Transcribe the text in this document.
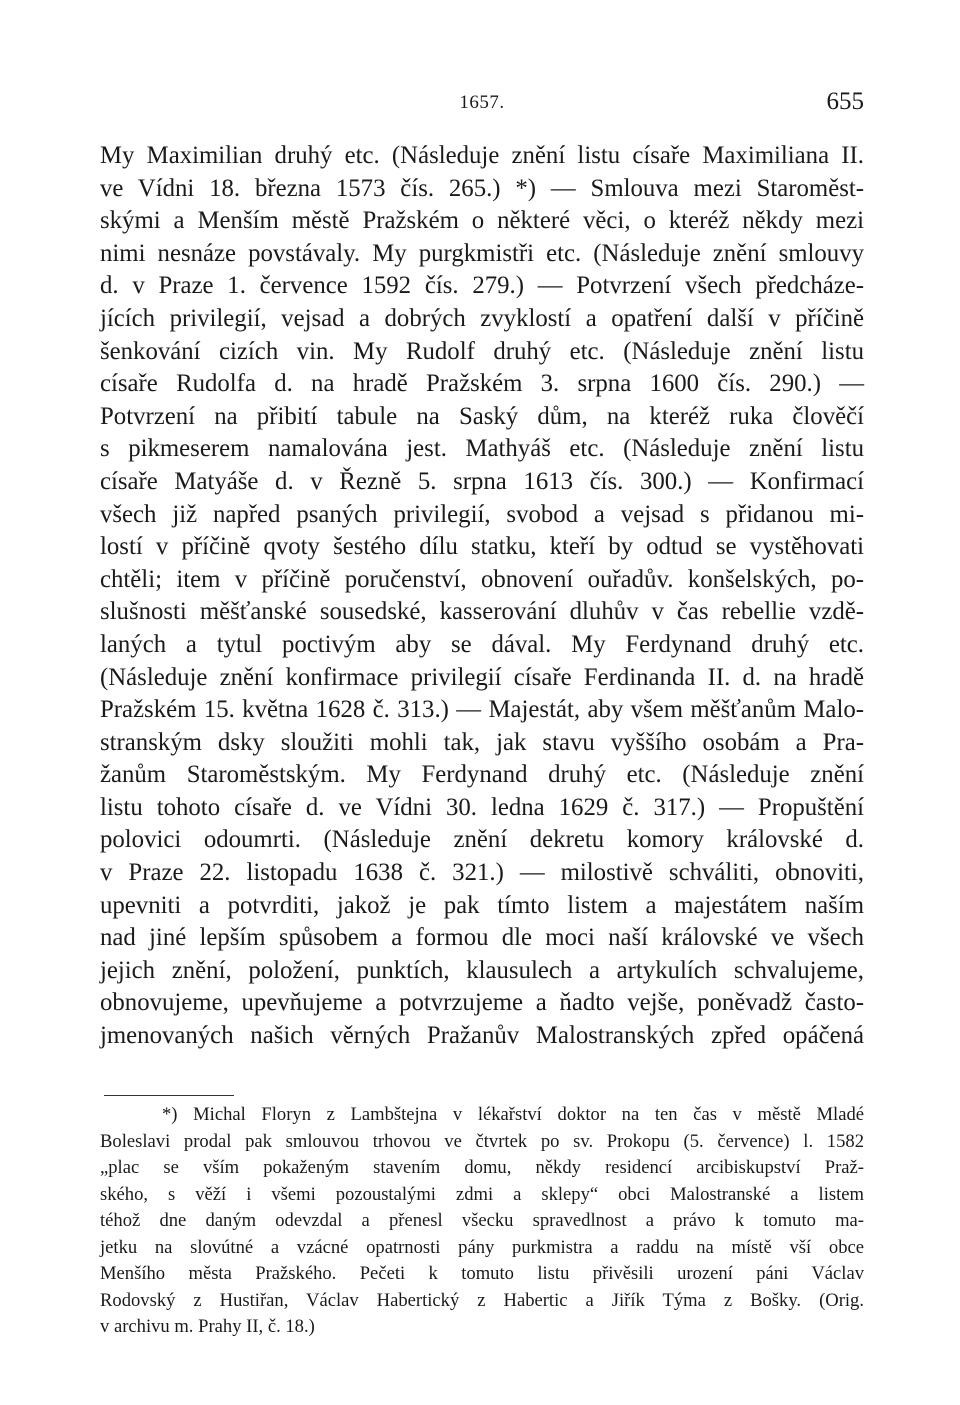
1657.	655
My Maximilian druhý etc. (Následuje znění listu císaře Maximiliana II.
ve Vídni 18. března 1573 čís. 265.) *) — Smlouva mezi Staroměst-
skými a Menším městě Pražském o některé věci, o kteréž někdy mezi
nimi nesnáze povstávaly. My purgkmistři etc. (Následuje znění smlouvy
d. v Praze 1. července 1592 čís. 279.) — Potvrzení všech předcháze-
jících privilegií, vejsad a dobrých zvyklostí a opatření další v příčině
šenkování cizích vin. My Rudolf druhý etc. (Následuje znění listu
císaře Rudolfa d. na hradě Pražském 3. srpna 1600 čís. 290.) —
Potvrzení na přibití tabule na Saský dům, na kteréž ruka člověčí
s pikmeserem namalována jest. Mathyáš etc. (Následuje znění listu
císaře Matyáše d. v Řezně 5. srpna 1613 čís. 300.) — Konfirmací
všech již napřed psaných privilegií, svobod a vejsad s přidanou mi-
lostí v příčině qvoty šestého dílu statku, kteří by odtud se vystěhovati
chtěli; item v příčině poručenství, obnovení ouřadův. konšelských, po-
slušnosti měšťanské sousedské, kasserování dluhův v čas rebellie vzdě-
laných a tytul poctivým aby se dával. My Ferdynand druhý etc.
(Následuje znění konfirmace privilegií císaře Ferdinanda II. d. na hradě
Pražském 15. května 1628 č. 313.) — Majestát, aby všem měšťanům Malo-
stranským dsky sloužiti mohli tak, jak stavu vyššího osobám a Pra-
žanům Staroměstským. My Ferdynand druhý etc. (Následuje znění
listu tohoto císaře d. ve Vídni 30. ledna 1629 č. 317.) — Propuštění
polovici odoumrti. (Následuje znění dekretu komory královské d.
v Praze 22. listopadu 1638 č. 321.) — milostivě schváliti, obnoviti,
upevniti a potvrditi, jakož je pak tímto listem a majestátem naším
nad jiné lepším spůsobem a formou dle moci naší královské ve všech
jejich znění, položení, punktích, klausulech a artykulích schvalujeme,
obnovujeme, upevňujeme a potvrzujeme a ňadto vejše, poněvadž často-
jmenovaných našich věrných Pražanův Malostranských zpřed opáčená
*) Michal Floryn z Lambštejna v lékařství doktor na ten čas v městě Mladé
Boleslavi prodal pak smlouvou trhovou ve čtvrtek po sv. Prokopu (5. července) l. 1582
„plac se vším pokaženým stavením domu, někdy residencí arcibiskupství Praž-
ského, s věží i všemi pozoustalými zdmi a sklepy“ obci Malostranské a listem
téhož dne daným odevzdal a přenesl všecku spravedlnost a právo k tomuto ma-
jetku na slovútné a vzácné opatrnosti pány purkmistra a raddu na místě vší obce
Menšího města Pražského. Pečeti k tomuto listu přivěsili urození páni Václav
Rodovský z Hustiřan, Václav Habertický z Habertic a Jiřík Týma z Bošky. (Orig.
v archivu m. Prahy II, č. 18.)
